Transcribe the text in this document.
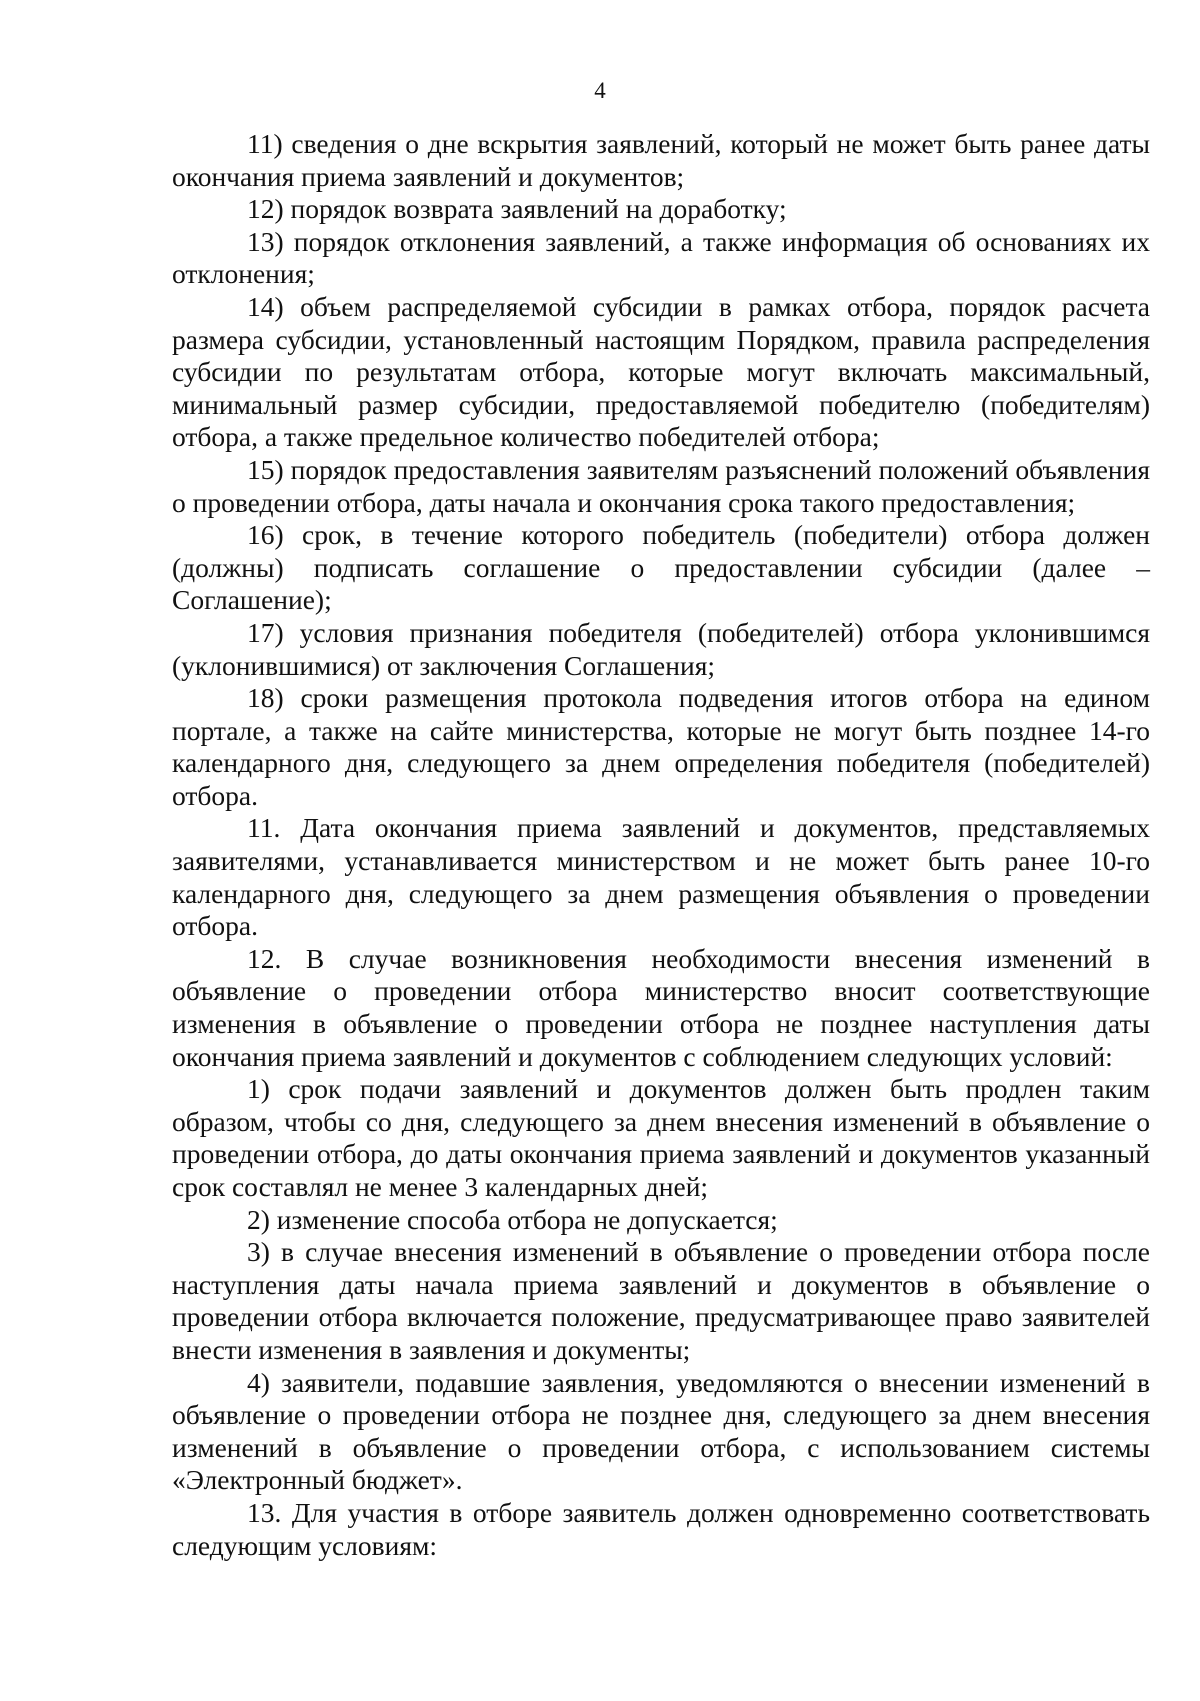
4

11) сведения о дне вскрытия заявлений, который не может быть ранее даты окончания приема заявлений и документов;

12) порядок возврата заявлений на доработку;

13) порядок отклонения заявлений, а также информация об основаниях их отклонения;

14) объем распределяемой субсидии в рамках отбора, порядок расчета размера субсидии, установленный настоящим Порядком, правила распределения субсидии по результатам отбора, которые могут включать максимальный, минимальный размер субсидии, предоставляемой победителю (победителям) отбора, а также предельное количество победителей отбора;

15) порядок предоставления заявителям разъяснений положений объявления о проведении отбора, даты начала и окончания срока такого предоставления;

16) срок, в течение которого победитель (победители) отбора должен (должны) подписать соглашение о предоставлении субсидии (далее – Соглашение);

17) условия признания победителя (победителей) отбора уклонившимся (уклонившимися) от заключения Соглашения;

18) сроки размещения протокола подведения итогов отбора на едином портале, а также на сайте министерства, которые не могут быть позднее 14-го календарного дня, следующего за днем определения победителя (победителей) отбора.

11. Дата окончания приема заявлений и документов, представляемых заявителями, устанавливается министерством и не может быть ранее 10-го календарного дня, следующего за днем размещения объявления о проведении отбора.

12. В случае возникновения необходимости внесения изменений в объявление о проведении отбора министерство вносит соответствующие изменения в объявление о проведении отбора не позднее наступления даты окончания приема заявлений и документов с соблюдением следующих условий:

1) срок подачи заявлений и документов должен быть продлен таким образом, чтобы со дня, следующего за днем внесения изменений в объявление о проведении отбора, до даты окончания приема заявлений и документов указанный срок составлял не менее 3 календарных дней;

2) изменение способа отбора не допускается;

3) в случае внесения изменений в объявление о проведении отбора после наступления даты начала приема заявлений и документов в объявление о проведении отбора включается положение, предусматривающее право заявителей внести изменения в заявления и документы;

4) заявители, подавшие заявления, уведомляются о внесении изменений в объявление о проведении отбора не позднее дня, следующего за днем внесения изменений в объявление о проведении отбора, с использованием системы «Электронный бюджет».

13. Для участия в отборе заявитель должен одновременно соответствовать следующим условиям:
